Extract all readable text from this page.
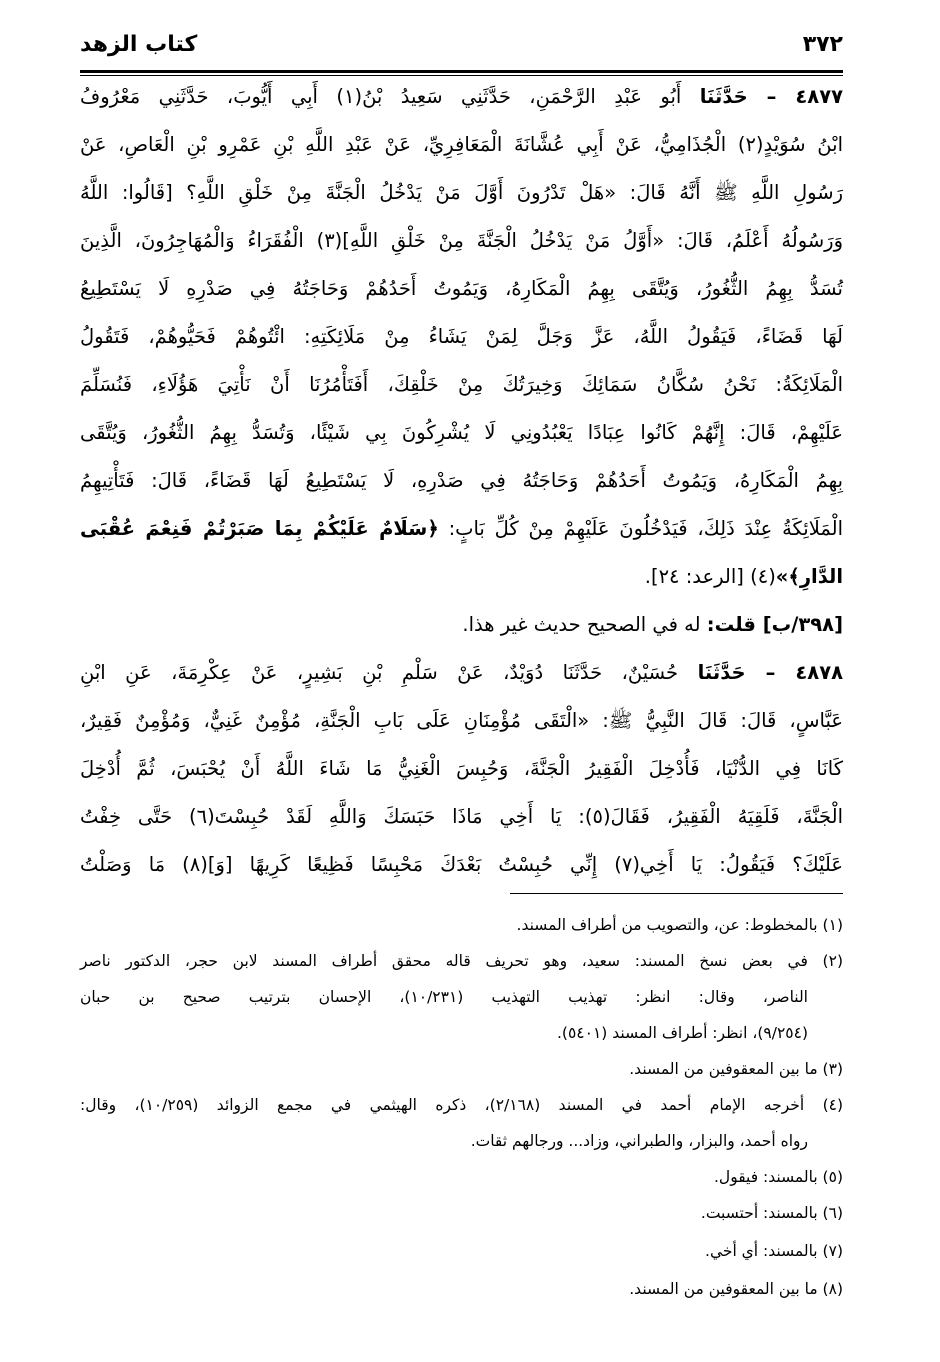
٣٧٢
كتاب الزهد
٤٨٧٧ – حَدَّثَنَا أَبُو عَبْدِ الرَّحْمَنِ، حَدَّثَنِي سَعِيدُ بْنُ(١) أَبِي أَيُّوبَ، حَدَّثَنِي مَعْرُوفُ
ابْنُ سُوَيْدٍ(٢) الْجُذَامِيُّ، عَنْ أَبِي عُشَّانَةَ الْمَعَافِرِيِّ، عَنْ عَبْدِ اللَّهِ بْنِ عَمْرِو بْنِ الْعَاصِ، عَنْ
رَسُولِ اللَّهِ ﷺ أَنَّهُ قَالَ: «هَلْ تَدْرُونَ أَوَّلَ مَنْ يَدْخُلُ الْجَنَّةَ مِنْ خَلْقِ اللَّهِ؟ [قَالُوا: اللَّهُ
وَرَسُولُهُ أَعْلَمُ، قَالَ: «أَوَّلُ مَنْ يَدْخُلُ الْجَنَّةَ مِنْ خَلْقِ اللَّهِ](٣) الْفُقَرَاءُ وَالْمُهَاجِرُونَ، الَّذِينَ
تُسَدُّ بِهِمُ الثُّغُورُ، وَيُتَّقَى بِهِمُ الْمَكَارِهُ، وَيَمُوتُ أَحَدُهُمْ وَحَاجَتُهُ فِي صَدْرِهِ لَا يَسْتَطِيعُ
لَهَا قَضَاءً، فَيَقُولُ اللَّهُ، عَزَّ وَجَلَّ لِمَنْ يَشَاءُ مِنْ مَلَائِكَتِهِ: ائْتُوهُمْ فَحَيُّوهُمْ، فَتَقُولُ
الْمَلَائِكَةُ: نَحْنُ سُكَّانُ سَمَائِكَ وَخِيرَتُكَ مِنْ خَلْقِكَ، أَفَتَأْمُرُنَا أَنْ نَأْتِيَ هَؤُلَاءِ، فَنُسَلِّمَ
عَلَيْهِمْ، قَالَ: إِنَّهُمْ كَانُوا عِبَادًا يَعْبُدُونِي لَا يُشْرِكُونَ بِي شَيْئًا، وَتُسَدُّ بِهِمُ الثُّغُورُ، وَيُتَّقَى
بِهِمُ الْمَكَارِهُ، وَيَمُوتُ أَحَدُهُمْ وَحَاجَتُهُ فِي صَدْرِهِ، لَا يَسْتَطِيعُ لَهَا قَضَاءً، قَالَ: فَتَأْتِيهِمُ
الْمَلَائِكَةُ عِنْدَ ذَلِكَ، فَيَدْخُلُونَ عَلَيْهِمْ مِنْ كُلِّ بَابٍ: ﴿سَلَامٌ عَلَيْكُمْ بِمَا صَبَرْتُمْ فَنِعْمَ عُقْبَى
الدَّارِ﴾»(٤) [الرعد: ٢٤].
[٣٩٨/ب] قلت: له في الصحيح حديث غير هذا.
٤٨٧٨ – حَدَّثَنَا حُسَيْنٌ، حَدَّثَنَا دُوَيْدٌ، عَنْ سَلْمِ بْنِ بَشِيرٍ، عَنْ عِكْرِمَةَ، عَنِ ابْنِ
عَبَّاسٍ، قَالَ: قَالَ النَّبِيُّ ﷺ: «الْتَقَى مُؤْمِنَانِ عَلَى بَابِ الْجَنَّةِ، مُؤْمِنٌ غَنِيٌّ، وَمُؤْمِنٌ فَقِيرٌ،
كَانَا فِي الدُّنْيَا، فَأُدْخِلَ الْفَقِيرُ الْجَنَّةَ، وَحُبِسَ الْغَنِيُّ مَا شَاءَ اللَّهُ أَنْ يُحْبَسَ، ثُمَّ أُدْخِلَ
الْجَنَّةَ، فَلَقِيَهُ الْفَقِيرُ، فَقَالَ(٥): يَا أَخِي مَاذَا حَبَسَكَ وَاللَّهِ لَقَدْ حُبِسْتَ(٦) حَتَّى خِفْتُ
عَلَيْكَ؟ فَيَقُولُ: يَا أَخِي(٧) إِنِّي حُبِسْتُ بَعْدَكَ مَحْبِسًا فَظِيعًا كَرِيهًا [وَ](٨) مَا وَصَلْتُ
(١) بالمخطوط: عن، والتصويب من أطراف المسند.
(٢) في بعض نسخ المسند: سعيد، وهو تحريف قاله محقق أطراف المسند لابن حجر، الدكتور ناصر
الناصر، وقال: انظر: تهذيب التهذيب (١٠/٢٣١)، الإحسان بترتيب صحيح بن حبان
(٩/٢٥٤)، انظر: أطراف المسند (٥٤٠١).
(٣) ما بين المعقوفين من المسند.
(٤) أخرجه الإمام أحمد في المسند (٢/١٦٨)، ذكره الهيثمي في مجمع الزوائد (١٠/٢٥٩)، وقال:
رواه أحمد، والبزار، والطبراني، وزاد... ورجالهم ثقات.
(٥) بالمسند: فيقول.
(٦) بالمسند: أحتسبت.
(٧) بالمسند: أي أخي.
(٨) ما بين المعقوفين من المسند.
